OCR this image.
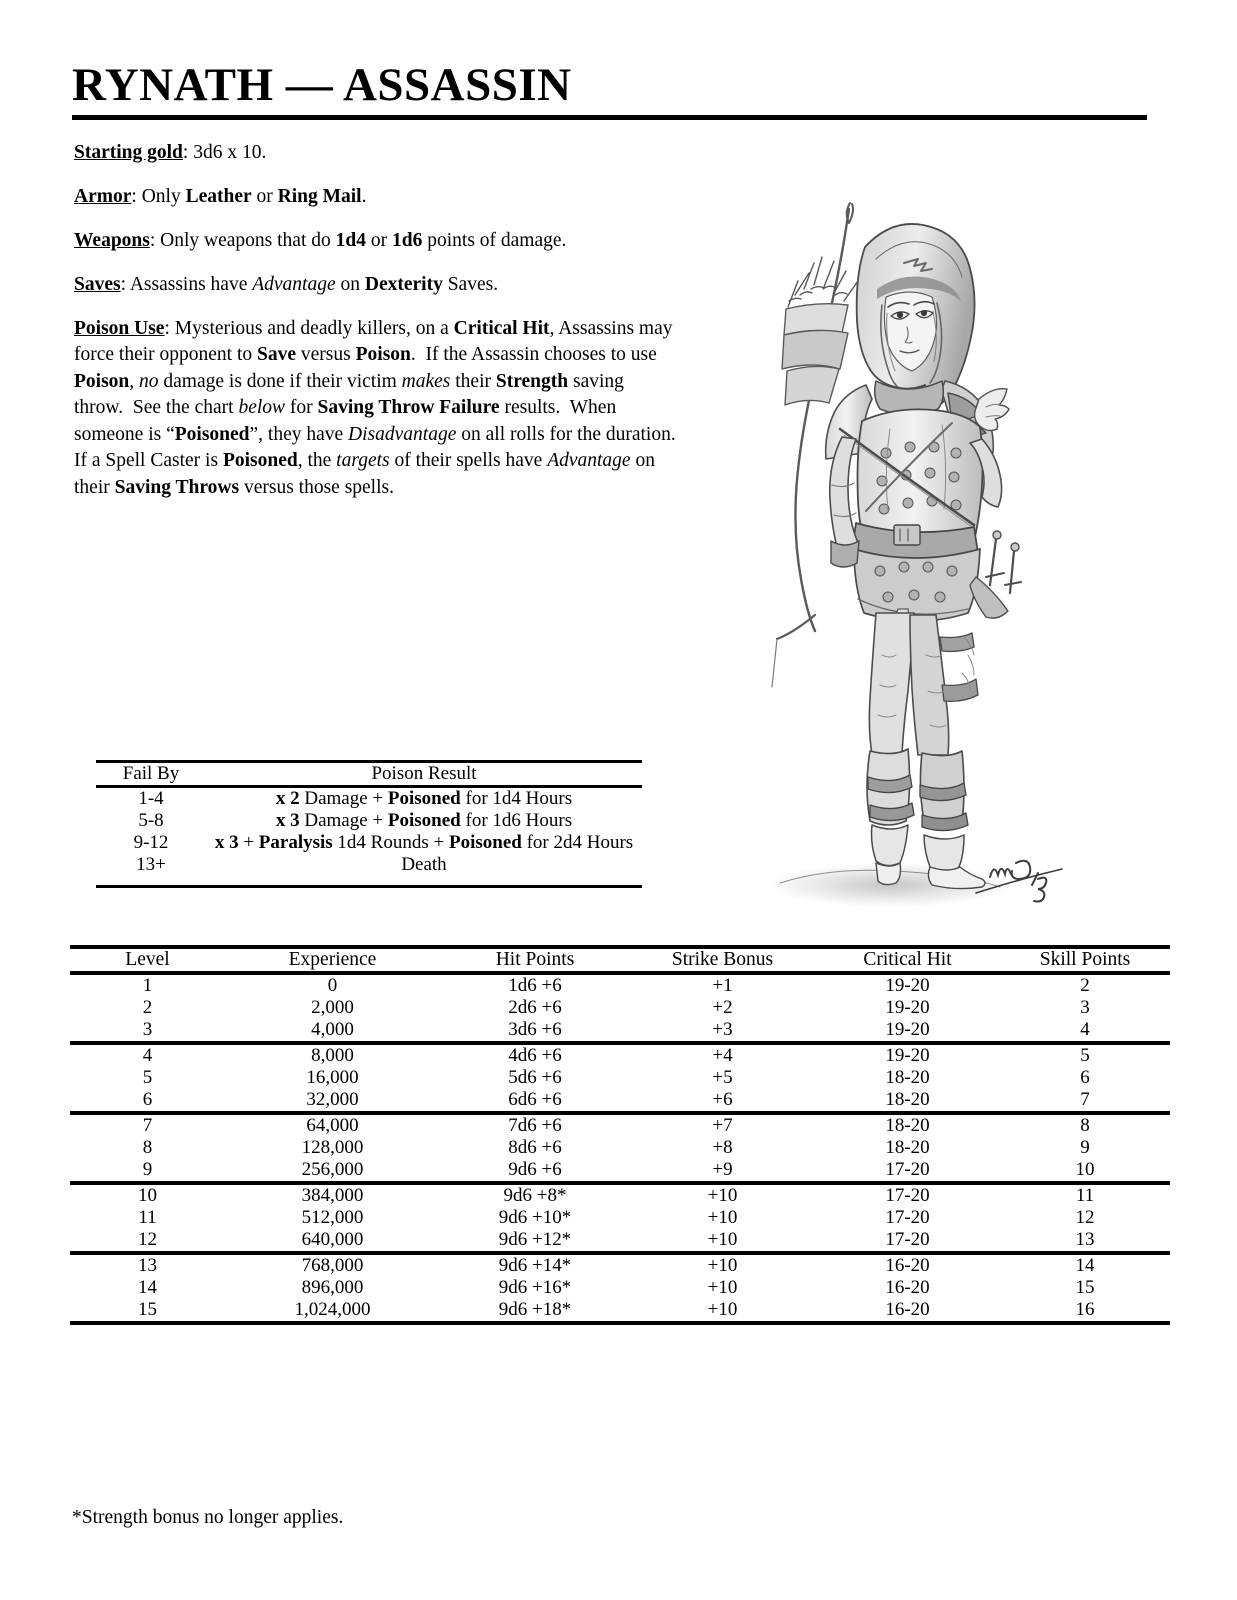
RYNATH — ASSASSIN

Starting gold: 3d6 x 10.

Armor: Only Leather or Ring Mail.

Weapons: Only weapons that do 1d4 or 1d6 points of damage.

Saves: Assassins have Advantage on Dexterity Saves.

Poison Use: Mysterious and deadly killers, on a Critical Hit, Assassins may force their opponent to Save versus Poison.  If the Assassin chooses to use Poison, no damage is done if their victim makes their Strength saving throw.  See the chart below for Saving Throw Failure results.  When someone is “Poisoned”, they have Disadvantage on all rolls for the duration.  If a Spell Caster is Poisoned, the targets of their spells have Advantage on their Saving Throws versus those spells.

Fail By	Poison Result
1-4	x 2 Damage + Poisoned for 1d4 Hours
5-8	x 3 Damage + Poisoned for 1d6 Hours
9-12	x 3 + Paralysis 1d4 Rounds + Poisoned for 2d4 Hours
13+	Death
Level	Experience	Hit Points	Strike Bonus	Critical Hit	Skill Points
1	0	1d6 +6	+1	19-20	2
2	2,000	2d6 +6	+2	19-20	3
3	4,000	3d6 +6	+3	19-20	4
4	8,000	4d6 +6	+4	19-20	5
5	16,000	5d6 +6	+5	18-20	6
6	32,000	6d6 +6	+6	18-20	7
7	64,000	7d6 +6	+7	18-20	8
8	128,000	8d6 +6	+8	18-20	9
9	256,000	9d6 +6	+9	17-20	10
10	384,000	9d6 +8*	+10	17-20	11
11	512,000	9d6 +10*	+10	17-20	12
12	640,000	9d6 +12*	+10	17-20	13
13	768,000	9d6 +14*	+10	16-20	14
14	896,000	9d6 +16*	+10	16-20	15
15	1,024,000	9d6 +18*	+10	16-20	16
*Strength bonus no longer applies.
